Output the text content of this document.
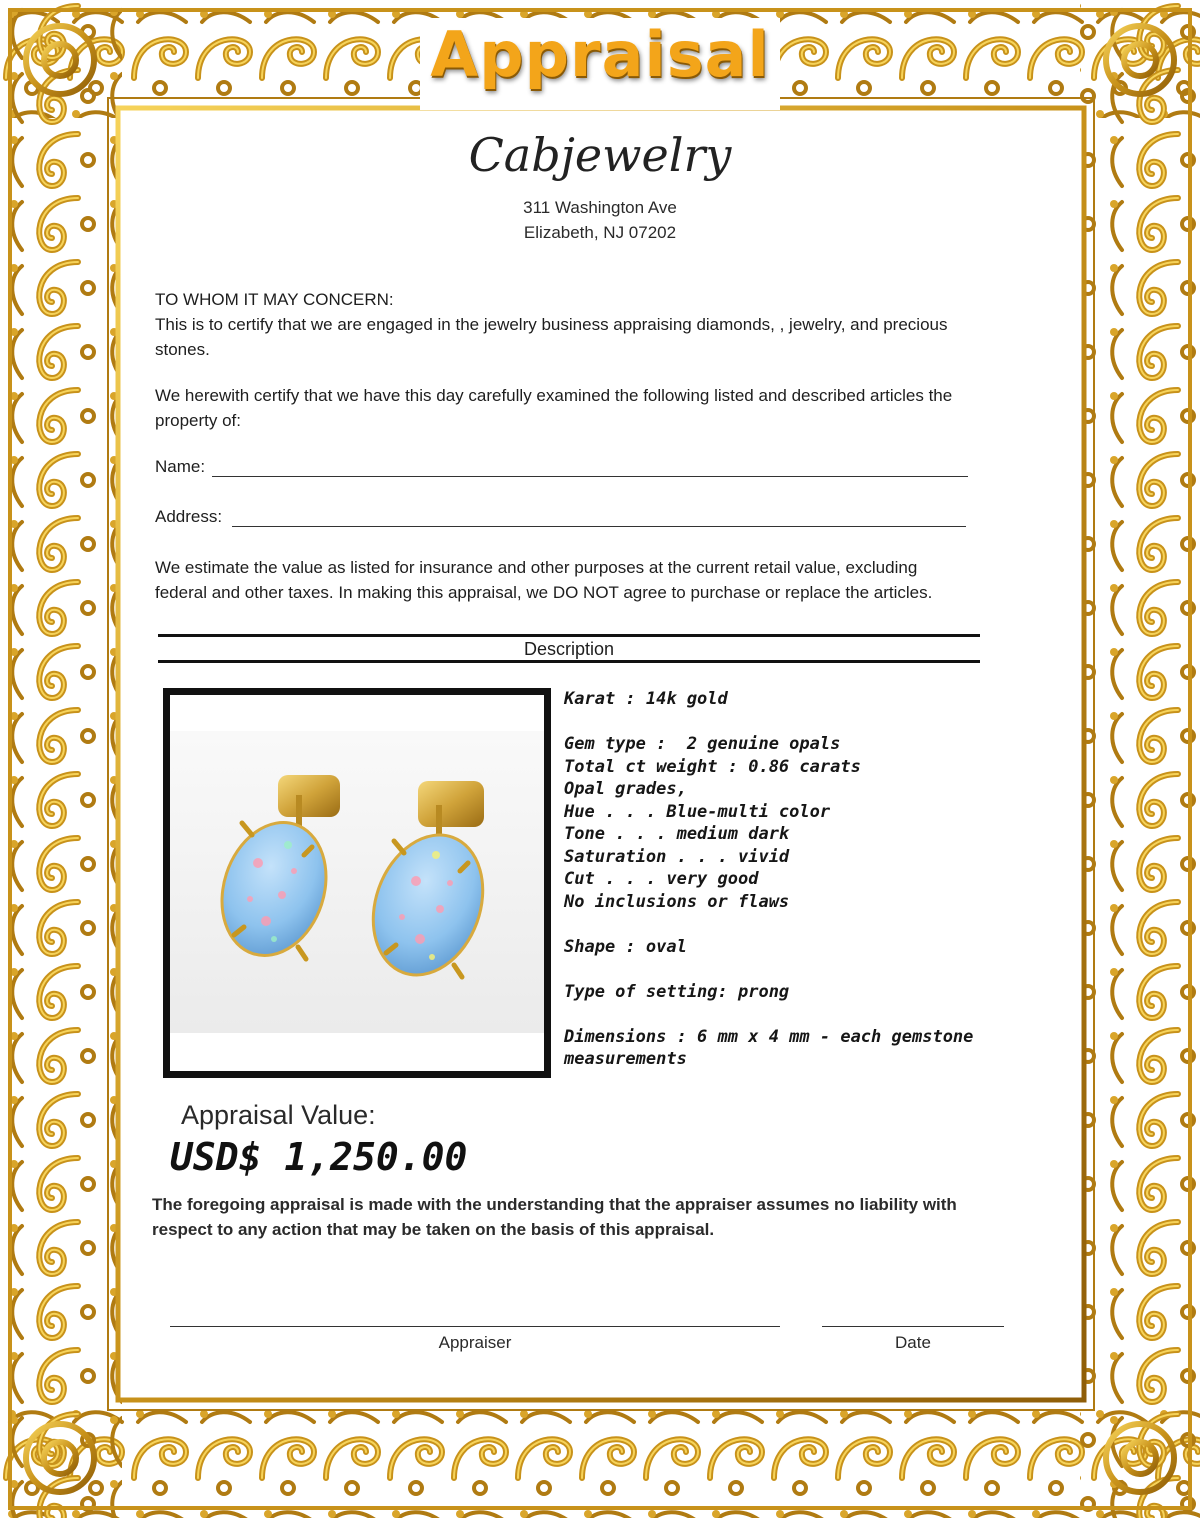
Appraisal
Cabjewelry
311 Washington Ave
Elizabeth, NJ 07202
TO WHOM IT MAY CONCERN:
This is to certify that we are engaged in the jewelry business appraising diamonds, , jewelry, and precious stones.
We herewith certify that we have this day carefully examined the following listed and described articles the property of:
Name:
Address:
We estimate the value as listed for insurance and other purposes at the current retail value, excluding federal and other taxes. In making this appraisal, we DO NOT agree to purchase or replace the articles.
Description
Karat : 14k gold
Gem type :  2 genuine opals
Total ct weight : 0.86 carats
Opal grades,
Hue . . . Blue-multi color
Tone . . . medium dark
Saturation . . . vivid
Cut . . . very good
No inclusions or flaws
Shape : oval
Type of setting: prong
Dimensions : 6 mm x 4 mm - each gemstone
measurements
Appraisal Value:
USD$ 1,250.00
The foregoing appraisal is made with the understanding that the appraiser assumes no liability with respect to any action that may be taken on the basis of this appraisal.
Appraiser	Date
